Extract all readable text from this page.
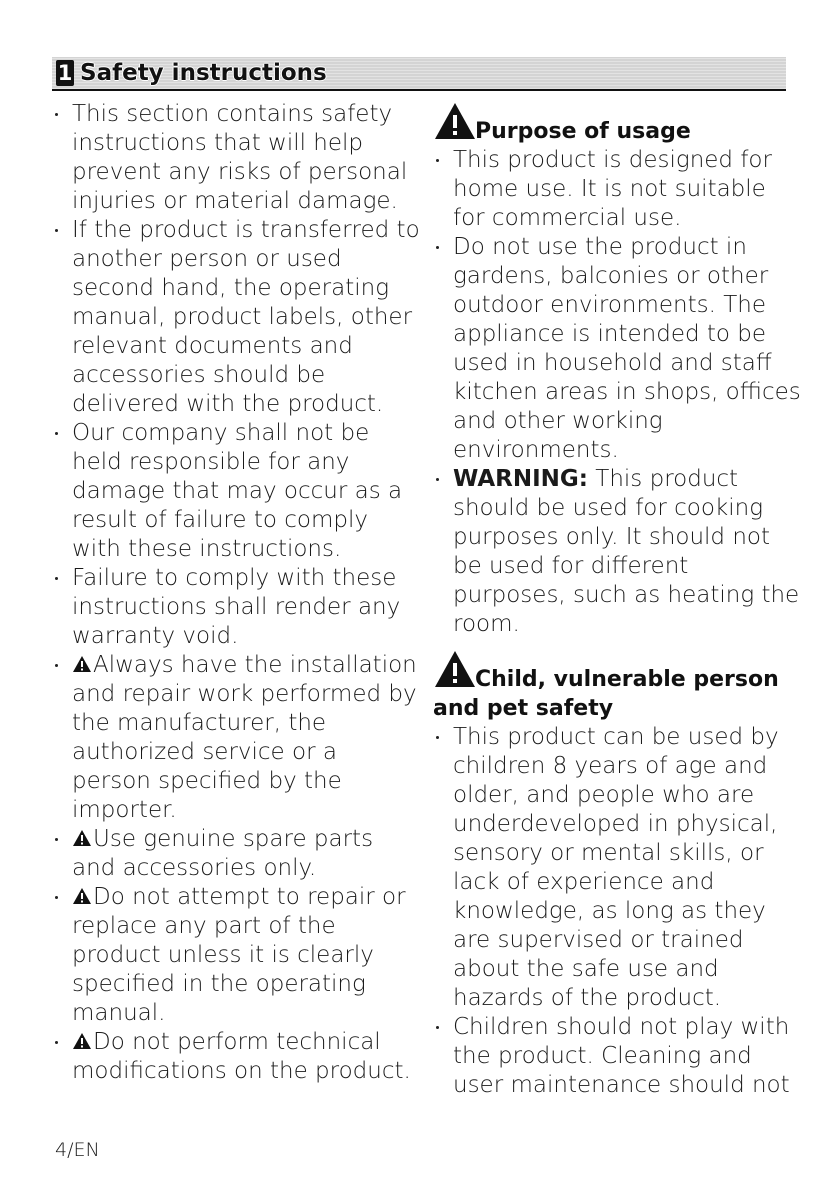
1 Safety instructions
This section contains safety instructions that will help prevent any risks of personal injuries or material damage.
If the product is transferred to another person or used second hand, the operating manual, product labels, other relevant documents and accessories should be delivered with the product.
Our company shall not be held responsible for any damage that may occur as a result of failure to comply with these instructions.
Failure to comply with these instructions shall render any warranty void.
Always have the installation and repair work performed by the manufacturer, the authorized service or a person specified by the importer.
Use genuine spare parts and accessories only.
Do not attempt to repair or replace any part of the product unless it is clearly specified in the operating manual.
Do not perform technical modifications on the product.
Purpose of usage
This product is designed for home use. It is not suitable for commercial use.
Do not use the product in gardens, balconies or other outdoor environments. The appliance is intended to be used in household and staff kitchen areas in shops, offices and other working environments.
WARNING: This product should be used for cooking purposes only. It should not be used for different purposes, such as heating the room.
Child, vulnerable person
and pet safety
This product can be used by children 8 years of age and older, and people who are underdeveloped in physical, sensory or mental skills, or lack of experience and knowledge, as long as they are supervised or trained about the safe use and hazards of the product.
Children should not play with the product. Cleaning and user maintenance should not
4/EN
